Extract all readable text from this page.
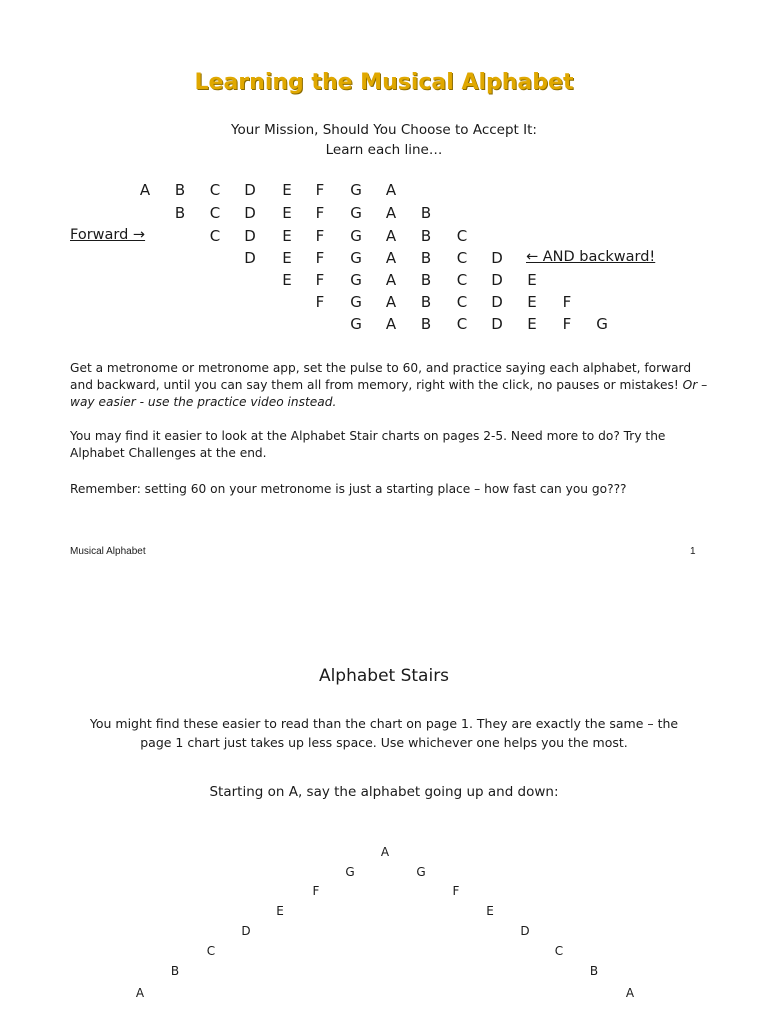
Learning the Musical Alphabet
Your Mission, Should You Choose to Accept It:
Learn each line…
A	B	C	D	E	F	G	A
B	C	D	E	F	G	A	B
C	D	E	F	G	A	B	C
D	E	F	G	A	B	C	D
E	F	G	A	B	C	D	E
F	G	A	B	C	D	E	F
G	A	B	C	D	E	F	G
Forward →
← AND backward!
Get a metronome or metronome app, set the pulse to 60, and practice saying each alphabet, forward and backward, until you can say them all from memory, right with the click, no pauses or mistakes! Or – way easier - use the practice video instead.
You may find it easier to look at the Alphabet Stair charts on pages 2-5. Need more to do? Try the Alphabet Challenges at the end.
Remember: setting 60 on your metronome is just a starting place – how fast can you go???
Musical Alphabet	1
Alphabet Stairs
You might find these easier to read than the chart on page 1. They are exactly the same – the page 1 chart just takes up less space. Use whichever one helps you the most.
Starting on A, say the alphabet going up and down:
A
B
C
D
E
F
G
A
G
F
E
D
C
B
A
